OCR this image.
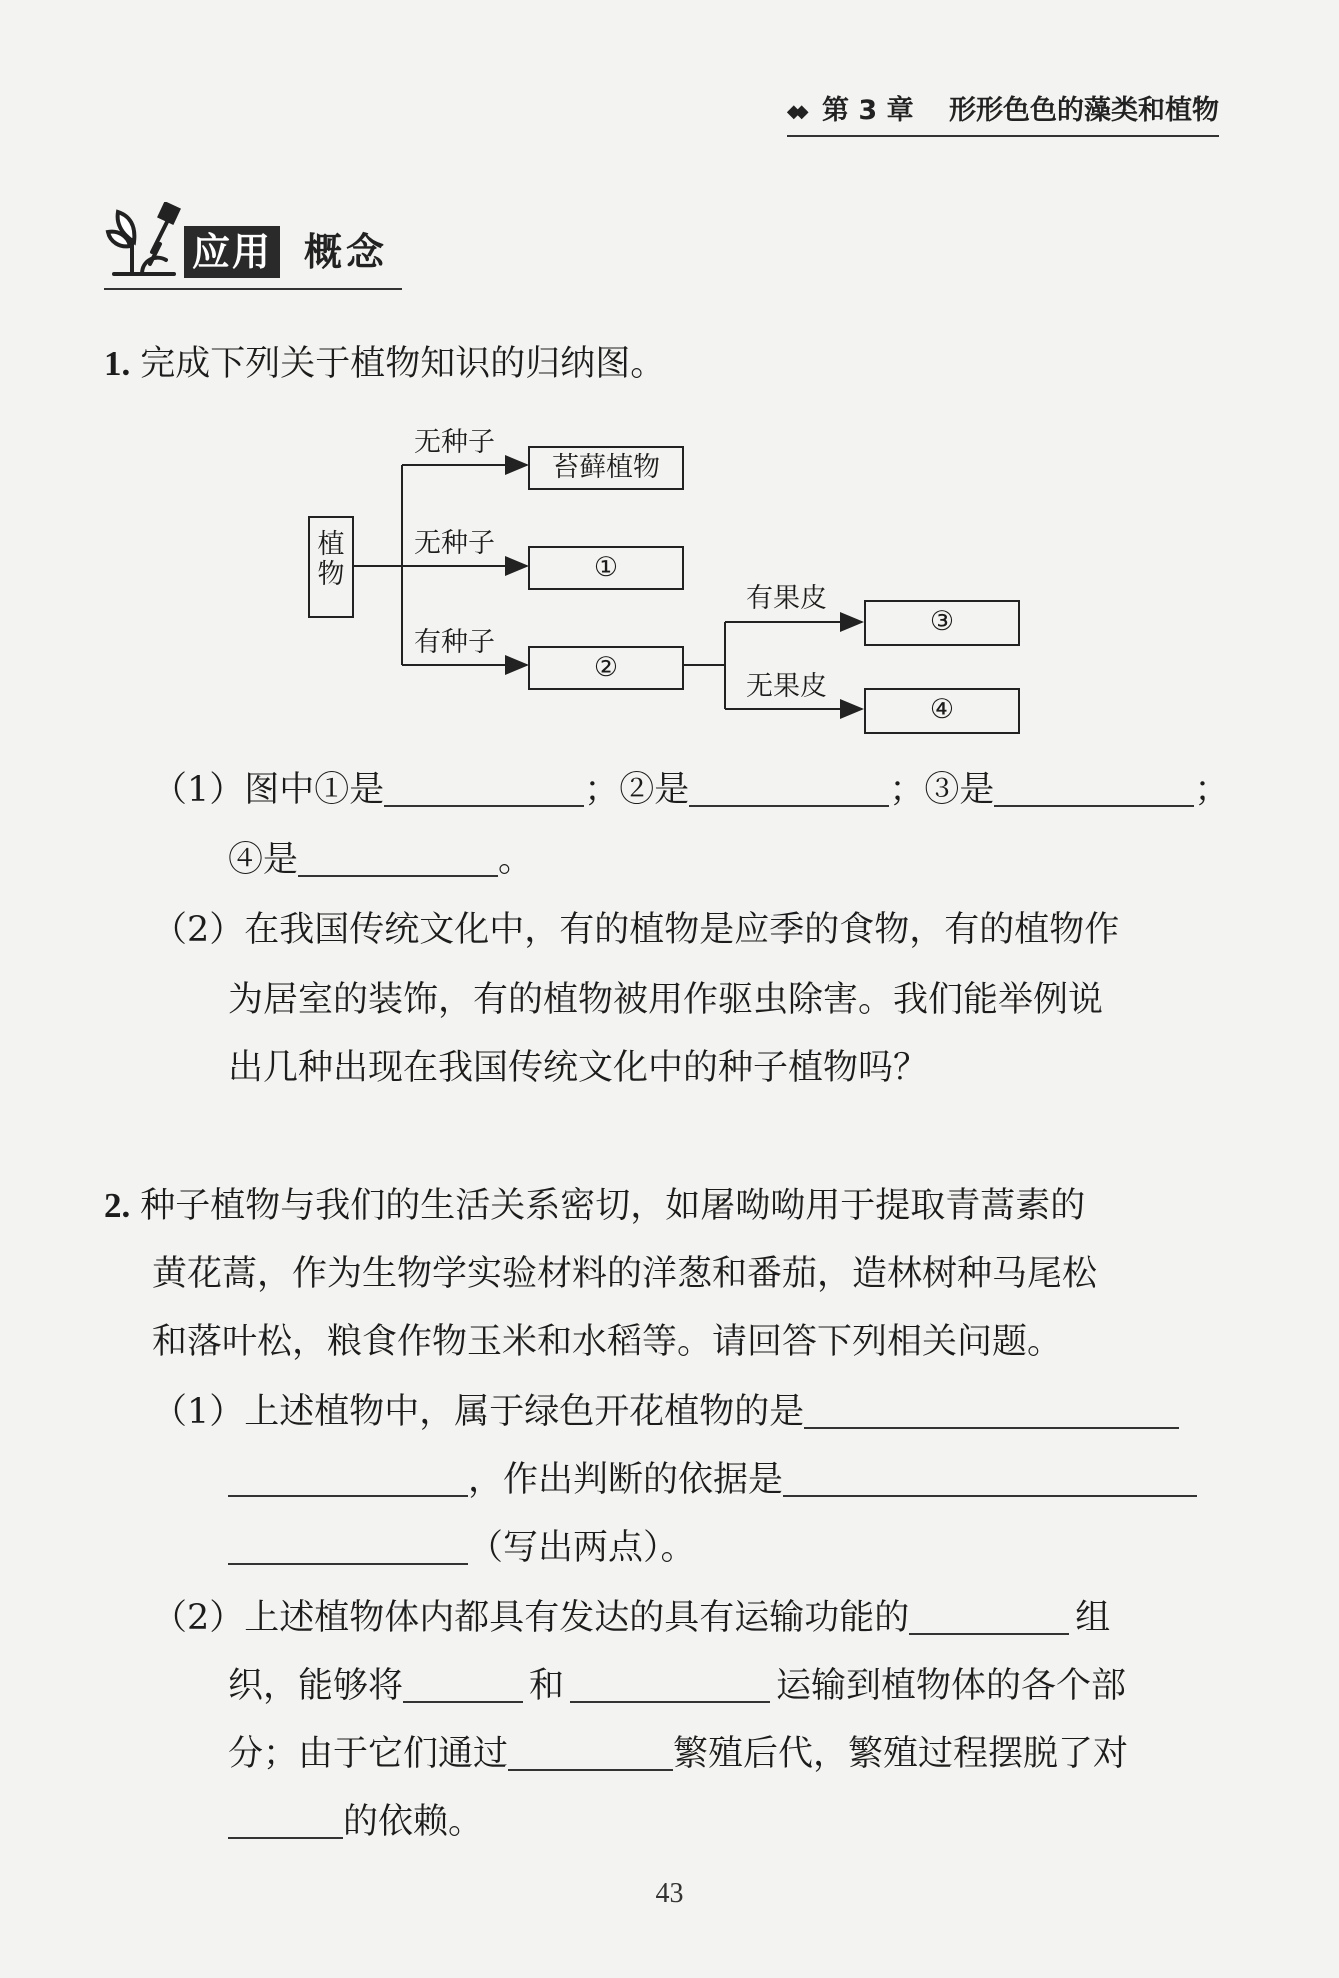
◆◆ 第 3 章 形形色色的藻类和植物
应用 概念
1. 完成下列关于植物知识的归纳图。
植物
无种子
苔藓植物
无种子
①
有种子
②
有果皮
③
无果皮
④
（1）图中①是	；②是	；③是	；
④是	。
（2）在我国传统文化中，有的植物是应季的食物，有的植物作
为居室的装饰，有的植物被用作驱虫除害。我们能举例说
出几种出现在我国传统文化中的种子植物吗？
2. 种子植物与我们的生活关系密切，如屠呦呦用于提取青蒿素的
黄花蒿，作为生物学实验材料的洋葱和番茄，造林树种马尾松
和落叶松，粮食作物玉米和水稻等。请回答下列相关问题。
（1）上述植物中，属于绿色开花植物的是
，作出判断的依据是
（写出两点）。
（2）上述植物体内都具有发达的具有运输功能的	组
织，能够将	和	运输到植物体的各个部
分；由于它们通过	繁殖后代，繁殖过程摆脱了对
的依赖。
43
